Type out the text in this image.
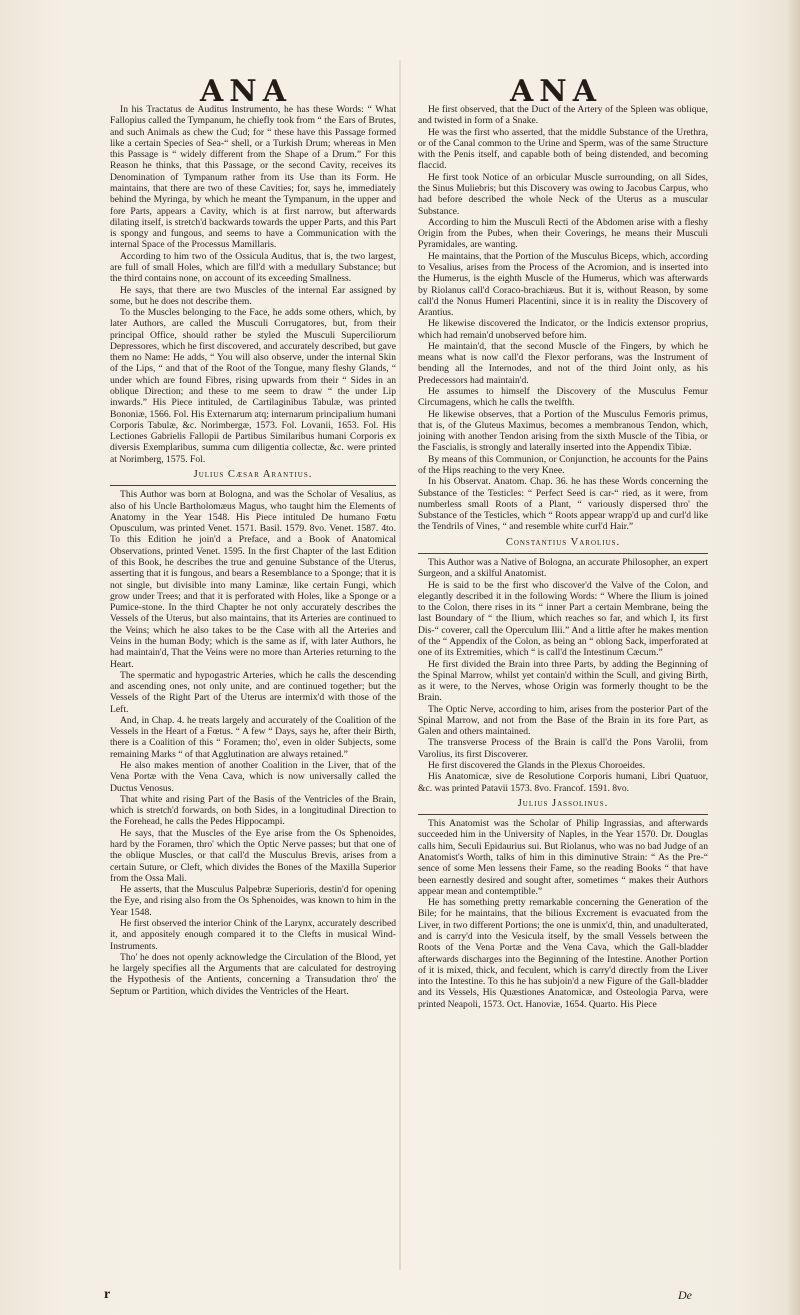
ANA	ANA

In his Tractatus de Auditus Instrumento, he has these Words: “ What Fallopius called the Tympanum, he chiefly took from “ the Ears of Brutes, and such Animals as chew the Cud; for “ these have this Passage formed like a certain Species of Sea-“ shell, or a Turkish Drum; whereas in Men this Passage is “ widely different from the Shape of a Drum.” For this Reason he thinks, that this Passage, or the second Cavity, receives its Denomination of Tympanum rather from its Use than its Form. He maintains, that there are two of these Cavities; for, says he, immediately behind the Myringa, by which he meant the Tympanum, in the upper and fore Parts, appears a Cavity, which is at first narrow, but afterwards dilating itself, is stretch'd backwards towards the upper Parts, and this Part is spongy and fungous, and seems to have a Communication with the internal Space of the Processus Mamillaris.

According to him two of the Ossicula Auditus, that is, the two largest, are full of small Holes, which are fill'd with a medullary Substance; but the third contains none, on account of its exceeding Smallness.

He says, that there are two Muscles of the internal Ear assigned by some, but he does not describe them.

To the Muscles belonging to the Face, he adds some others, which, by later Authors, are called the Musculi Corrugatores, but, from their principal Office, should rather be styled the Musculi Superciliorum Depressores, which he first discovered, and accurately described, but gave them no Name: He adds, “ You will also observe, under the internal Skin of the Lips, “ and that of the Root of the Tongue, many fleshy Glands, “ under which are found Fibres, rising upwards from their “ Sides in an oblique Direction; and these to me seem to draw “ the under Lip inwards.” His Piece intituled, de Cartilaginibus Tabulæ, was printed Bononiæ, 1566. Fol. His Externarum atq; internarum principalium humani Corporis Tabulæ, &c. Norimbergæ, 1573. Fol. Lovanii, 1653. Fol. His Lectiones Gabrielis Fallopii de Partibus Similaribus humani Corporis ex diversis Exemplaribus, summa cum diligentia collectæ, &c. were printed at Norimberg, 1575. Fol.

Julius Cæsar Arantius.

This Author was born at Bologna, and was the Scholar of Vesalius, as also of his Uncle Bartholomæus Magus, who taught him the Elements of Anatomy in the Year 1548. His Piece intituled De humano Fœtu Opusculum, was printed Venet. 1571. Basil. 1579. 8vo. Venet. 1587. 4to. To this Edition he join'd a Preface, and a Book of Anatomical Observations, printed Venet. 1595. In the first Chapter of the last Edition of this Book, he describes the true and genuine Substance of the Uterus, asserting that it is fungous, and bears a Resemblance to a Sponge; that it is not single, but divisible into many Laminæ, like certain Fungi, which grow under Trees; and that it is perforated with Holes, like a Sponge or a Pumice-stone. In the third Chapter he not only accurately describes the Vessels of the Uterus, but also maintains, that its Arteries are continued to the Veins; which he also takes to be the Case with all the Arteries and Veins in the human Body; which is the same as if, with later Authors, he had maintain'd, That the Veins were no more than Arteries returning to the Heart.

The spermatic and hypogastric Arteries, which he calls the descending and ascending ones, not only unite, and are continued together; but the Vessels of the Right Part of the Uterus are intermix'd with those of the Left.

And, in Chap. 4. he treats largely and accurately of the Coalition of the Vessels in the Heart of a Fœtus. “ A few “ Days, says he, after their Birth, there is a Coalition of this “ Foramen; tho', even in older Subjects, some remaining Marks “ of that Agglutination are always retained.”

He also makes mention of another Coalition in the Liver, that of the Vena Portæ with the Vena Cava, which is now universally called the Ductus Venosus.

That white and rising Part of the Basis of the Ventricles of the Brain, which is stretch'd forwards, on both Sides, in a longitudinal Direction to the Forehead, he calls the Pedes Hippocampi.

He says, that the Muscles of the Eye arise from the Os Sphenoides, hard by the Foramen, thro' which the Optic Nerve passes; but that one of the oblique Muscles, or that call'd the Musculus Brevis, arises from a certain Suture, or Cleft, which divides the Bones of the Maxilla Superior from the Ossa Mali.

He asserts, that the Musculus Palpebræ Superioris, destin'd for opening the Eye, and rising also from the Os Sphenoides, was known to him in the Year 1548.

He first observed the interior Chink of the Larynx, accurately described it, and appositely enough compared it to the Clefts in musical Wind-Instruments.

Tho' he does not openly acknowledge the Circulation of the Blood, yet he largely specifies all the Arguments that are calculated for destroying the Hypothesis of the Antients, concerning a Transudation thro' the Septum or Partition, which divides the Ventricles of the Heart.

He first observed, that the Duct of the Artery of the Spleen was oblique, and twisted in form of a Snake.

He was the first who asserted, that the middle Substance of the Urethra, or of the Canal common to the Urine and Sperm, was of the same Structure with the Penis itself, and capable both of being distended, and becoming flaccid.

He first took Notice of an orbicular Muscle surrounding, on all Sides, the Sinus Muliebris; but this Discovery was owing to Jacobus Carpus, who had before described the whole Neck of the Uterus as a muscular Substance.

According to him the Musculi Recti of the Abdomen arise with a fleshy Origin from the Pubes, when their Coverings, he means their Musculi Pyramidales, are wanting.

He maintains, that the Portion of the Musculus Biceps, which, according to Vesalius, arises from the Process of the Acromion, and is inserted into the Humerus, is the eighth Muscle of the Humerus, which was afterwards by Riolanus call'd Coraco-brachiæus. But it is, without Reason, by some call'd the Nonus Humeri Placentini, since it is in reality the Discovery of Arantius.

He likewise discovered the Indicator, or the Indicis extensor proprius, which had remain'd unobserved before him.

He maintain'd, that the second Muscle of the Fingers, by which he means what is now call'd the Flexor perforans, was the Instrument of bending all the Internodes, and not of the third Joint only, as his Predecessors had maintain'd.

He assumes to himself the Discovery of the Musculus Femur Circumagens, which he calls the twelfth.

He likewise observes, that a Portion of the Musculus Femoris primus, that is, of the Gluteus Maximus, becomes a membranous Tendon, which, joining with another Tendon arising from the sixth Muscle of the Tibia, or the Fascialis, is strongly and laterally inserted into the Appendix Tibiæ.

By means of this Communion, or Conjunction, he accounts for the Pains of the Hips reaching to the very Knee.

In his Observat. Anatom. Chap. 36. he has these Words concerning the Substance of the Testicles: “ Perfect Seed is car-“ ried, as it were, from numberless small Roots of a Plant, “ variously dispersed thro' the Substance of the Testicles, which “ Roots appear wrapp'd up and curl'd like the Tendrils of Vines, “ and resemble white curl'd Hair.”

Constantius Varolius.

This Author was a Native of Bologna, an accurate Philosopher, an expert Surgeon, and a skilful Anatomist.

He is said to be the first who discover'd the Valve of the Colon, and elegantly described it in the following Words: “ Where the Ilium is joined to the Colon, there rises in its “ inner Part a certain Membrane, being the last Boundary of “ the Ilium, which reaches so far, and which I, its first Dis-“ coverer, call the Operculum Ilii.” And a little after he makes mention of the “ Appendix of the Colon, as being an “ oblong Sack, imperforated at one of its Extremities, which “ is call'd the Intestinum Cæcum.”

He first divided the Brain into three Parts, by adding the Beginning of the Spinal Marrow, whilst yet contain'd within the Scull, and giving Birth, as it were, to the Nerves, whose Origin was formerly thought to be the Brain.

The Optic Nerve, according to him, arises from the posterior Part of the Spinal Marrow, and not from the Base of the Brain in its fore Part, as Galen and others maintained.

The transverse Process of the Brain is call'd the Pons Varolii, from Varolius, its first Discoverer.

He first discovered the Glands in the Plexus Choroeides.

His Anatomicæ, sive de Resolutione Corporis humani, Libri Quatuor, &c. was printed Patavii 1573. 8vo. Francof. 1591. 8vo.

Julius Jassolinus.

This Anatomist was the Scholar of Philip Ingrassias, and afterwards succeeded him in the University of Naples, in the Year 1570. Dr. Douglas calls him, Seculi Epidaurius sui. But Riolanus, who was no bad Judge of an Anatomist's Worth, talks of him in this diminutive Strain: “ As the Pre-“ sence of some Men lessens their Fame, so the reading Books “ that have been earnestly desired and sought after, sometimes “ makes their Authors appear mean and contemptible.”

He has something pretty remarkable concerning the Generation of the Bile; for he maintains, that the bilious Excrement is evacuated from the Liver, in two different Portions; the one is unmix'd, thin, and unadulterated, and is carry'd into the Vesicula itself, by the small Vessels between the Roots of the Vena Portæ and the Vena Cava, which the Gall-bladder afterwards discharges into the Beginning of the Intestine. Another Portion of it is mixed, thick, and feculent, which is carry'd directly from the Liver into the Intestine. To this he has subjoin'd a new Figure of the Gall-bladder and its Vessels, His Quæstiones Anatomicæ, and Osteologia Parva, were printed Neapoli, 1573. Oct. Hanoviæ, 1654. Quarto. His Piece

r	De
